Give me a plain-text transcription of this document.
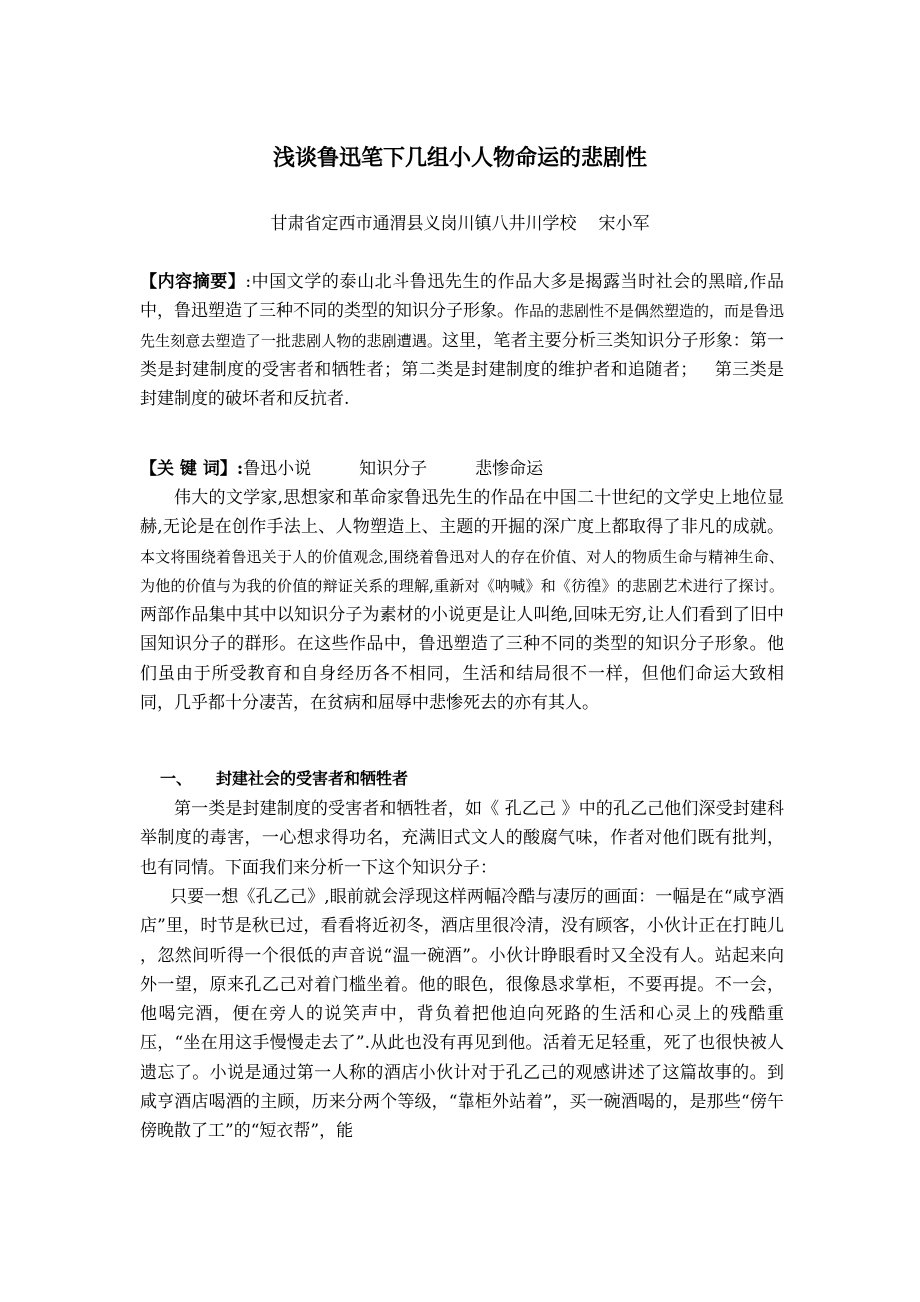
浅谈鲁迅笔下几组小人物命运的悲剧性
甘肃省定西市通渭县义岗川镇八井川学校 宋小军

【内容摘要】:中国文学的泰山北斗鲁迅先生的作品大多是揭露当时社会的黑暗,作品中，鲁迅塑造了三种不同的类型的知识分子形象。作品的悲剧性不是偶然塑造的，而是鲁迅先生刻意去塑造了一批悲剧人物的悲剧遭遇。这里，笔者主要分析三类知识分子形象：第一类是封建制度的受害者和牺牲者；第二类是封建制度的维护者和追随者； 第三类是封建制度的破坏者和反抗者.

【关 键 词】:鲁迅小说	知识分子	悲惨命运

伟大的文学家,思想家和革命家鲁迅先生的作品在中国二十世纪的文学史上地位显赫,无论是在创作手法上、人物塑造上、主题的开掘的深广度上都取得了非凡的成就。本文将围绕着鲁迅关于人的价值观念,围绕着鲁迅对人的存在价值、对人的物质生命与精神生命、为他的价值与为我的价值的辩证关系的理解,重新对《呐喊》和《彷徨》的悲剧艺术进行了探讨。两部作品集中其中以知识分子为素材的小说更是让人叫绝,回味无穷,让人们看到了旧中国知识分子的群形。在这些作品中，鲁迅塑造了三种不同的类型的知识分子形象。他们虽由于所受教育和自身经历各不相同，生活和结局很不一样，但他们命运大致相同，几乎都十分凄苦，在贫病和屈辱中悲惨死去的亦有其人。

一、 封建社会的受害者和牺牲者

第一类是封建制度的受害者和牺牲者，如《 孔乙己 》中的孔乙己他们深受封建科举制度的毒害，一心想求得功名，充满旧式文人的酸腐气味，作者对他们既有批判，也有同情。下面我们来分析一下这个知识分子：

只要一想《孔乙己》,眼前就会浮现这样两幅冷酷与凄厉的画面：一幅是在“咸亨酒店”里，时节是秋已过，看看将近初冬，酒店里很冷清，没有顾客，小伙计正在打盹儿 ，忽然间听得一个很低的声音说“温一碗酒”。小伙计睁眼看时又全没有人。站起来向外一望，原来孔乙己对着门槛坐着。他的眼色，很像恳求掌柜，不要再提。不一会，他喝完酒，便在旁人的说笑声中，背负着把他迫向死路的生活和心灵上的残酷重压，“坐在用这手慢慢走去了”.从此也没有再见到他。活着无足轻重，死了也很快被人遗忘了。小说是通过第一人称的酒店小伙计对于孔乙己的观感讲述了这篇故事的。到咸亨酒店喝酒的主顾，历来分两个等级，“靠柜外站着”，买一碗酒喝的，是那些“傍午傍晚散了工”的“短衣帮”，能
